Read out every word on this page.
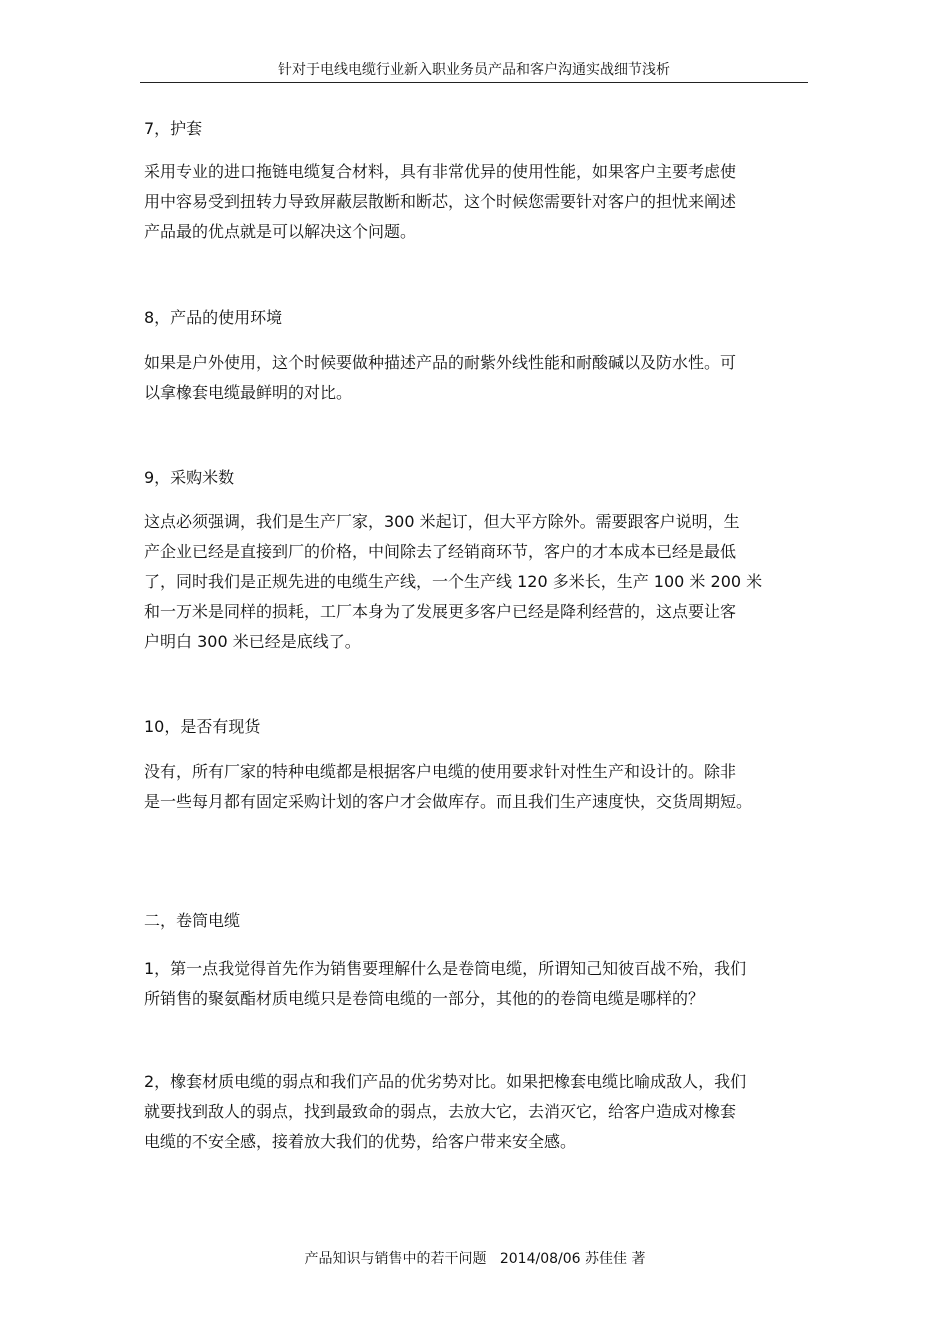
针对于电线电缆行业新入职业务员产品和客户沟通实战细节浅析

7，护套

采用专业的进口拖链电缆复合材料，具有非常优异的使用性能，如果客户主要考虑使
用中容易受到扭转力导致屏蔽层散断和断芯，这个时候您需要针对客户的担忧来阐述
产品最的优点就是可以解决这个问题。

8，产品的使用环境

如果是户外使用，这个时候要做种描述产品的耐紫外线性能和耐酸碱以及防水性。可
以拿橡套电缆最鲜明的对比。

9，采购米数

这点必须强调，我们是生产厂家，300 米起订，但大平方除外。需要跟客户说明，生
产企业已经是直接到厂的价格，中间除去了经销商环节，客户的才本成本已经是最低
了，同时我们是正规先进的电缆生产线，一个生产线 120 多米长，生产 100 米 200 米
和一万米是同样的损耗，工厂本身为了发展更多客户已经是降利经营的，这点要让客
户明白 300 米已经是底线了。

10，是否有现货

没有，所有厂家的特种电缆都是根据客户电缆的使用要求针对性生产和设计的。除非
是一些每月都有固定采购计划的客户才会做库存。而且我们生产速度快，交货周期短。

二，卷筒电缆

1，第一点我觉得首先作为销售要理解什么是卷筒电缆，所谓知己知彼百战不殆，我们
所销售的聚氨酯材质电缆只是卷筒电缆的一部分，其他的的卷筒电缆是哪样的？

2，橡套材质电缆的弱点和我们产品的优劣势对比。如果把橡套电缆比喻成敌人，我们
就要找到敌人的弱点，找到最致命的弱点，去放大它，去消灭它，给客户造成对橡套
电缆的不安全感，接着放大我们的优势，给客户带来安全感。

产品知识与销售中的若干问题   2014/08/06 苏佳佳 著
